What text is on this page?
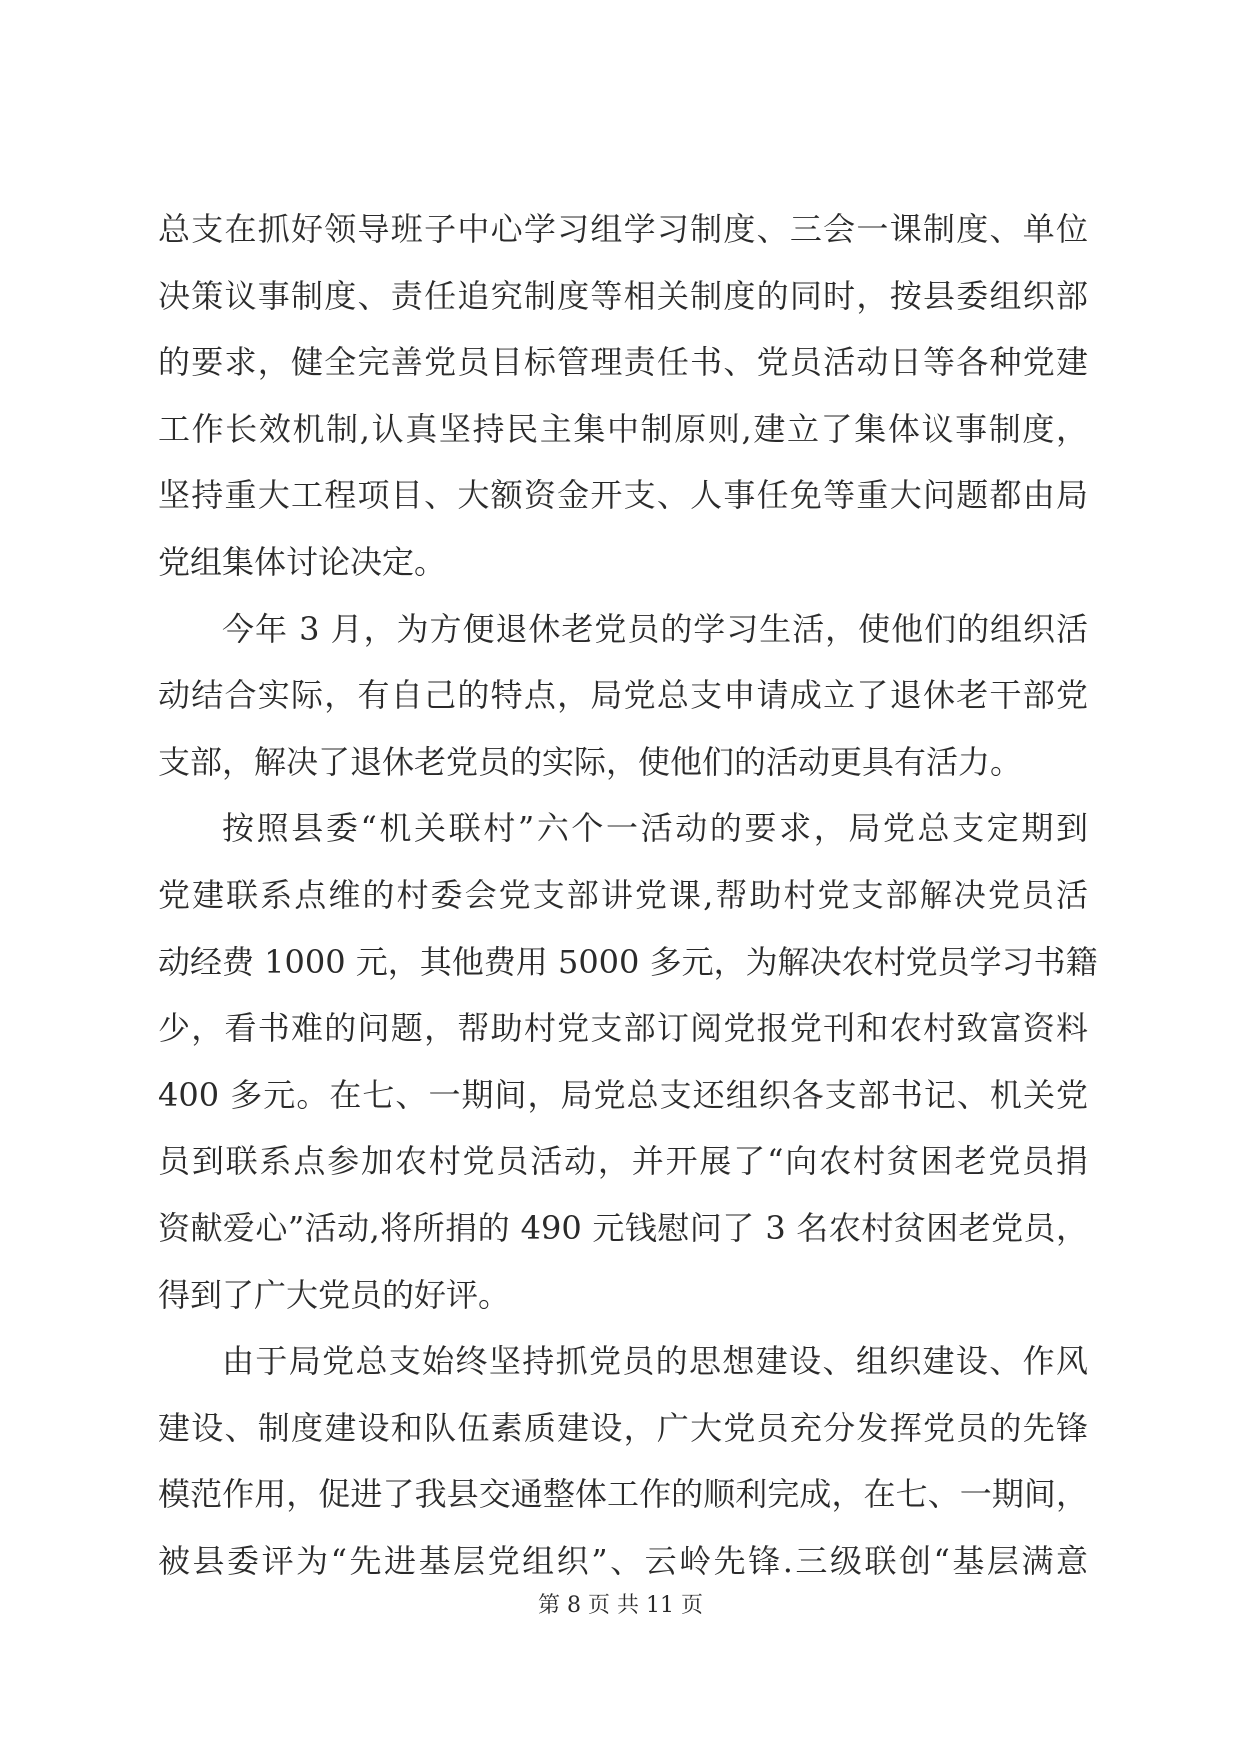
总支在抓好领导班子中心学习组学习制度、三会一课制度、单位
决策议事制度、责任追究制度等相关制度的同时，按县委组织部
的要求，健全完善党员目标管理责任书、党员活动日等各种党建
工作长效机制,认真坚持民主集中制原则,建立了集体议事制度，
坚持重大工程项目、大额资金开支、人事任免等重大问题都由局
党组集体讨论决定。
今年 3 月，为方便退休老党员的学习生活，使他们的组织活
动结合实际，有自己的特点，局党总支申请成立了退休老干部党
支部，解决了退休老党员的实际，使他们的活动更具有活力。
按照县委“机关联村”六个一活动的要求，局党总支定期到
党建联系点维的村委会党支部讲党课,帮助村党支部解决党员活
动经费 1000 元，其他费用 5000 多元，为解决农村党员学习书籍
少，看书难的问题，帮助村党支部订阅党报党刊和农村致富资料
400 多元。在七、一期间，局党总支还组织各支部书记、机关党
员到联系点参加农村党员活动，并开展了“向农村贫困老党员捐
资献爱心”活动,将所捐的 490 元钱慰问了 3 名农村贫困老党员，
得到了广大党员的好评。
由于局党总支始终坚持抓党员的思想建设、组织建设、作风
建设、制度建设和队伍素质建设，广大党员充分发挥党员的先锋
模范作用，促进了我县交通整体工作的顺利完成，在七、一期间，
被县委评为“先进基层党组织”、云岭先锋.三级联创“基层满意
第 8 页 共 11 页
